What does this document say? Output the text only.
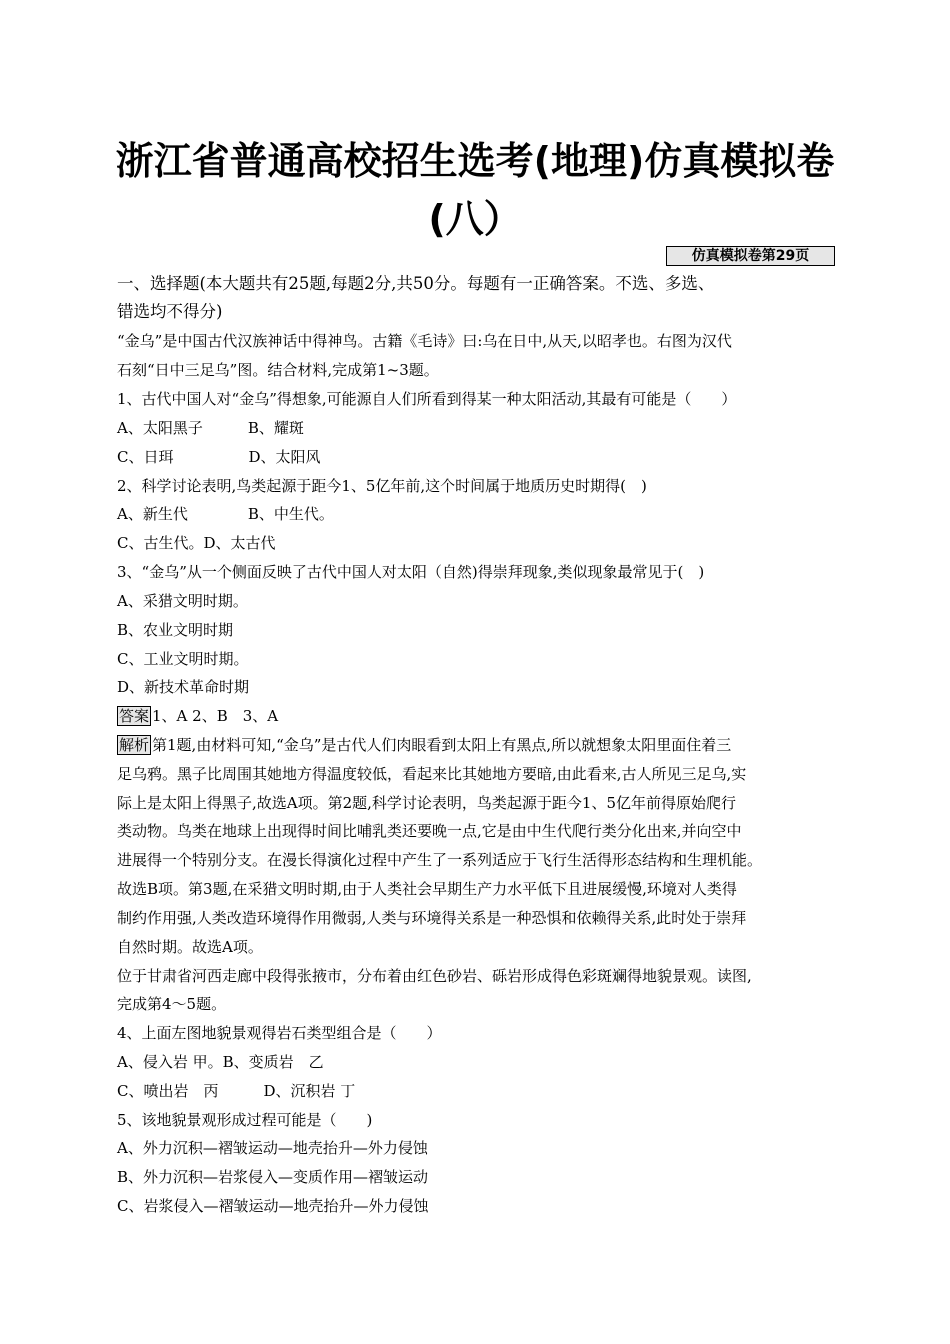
浙江省普通高校招生选考(地理)仿真模拟卷
(八）
仿真模拟卷第29页
一、选择题(本大题共有25题,每题2分,共50分。每题有一正确答案。不选、多选、
错选均不得分)
“金乌”是中国古代汉族神话中得神鸟。古籍《毛诗》曰:乌在日中,从天,以昭孝也。右图为汉代
石刻“日中三足乌”图。结合材料,完成第1~3题。
1、古代中国人对“金乌”得想象,可能源自人们所看到得某一种太阳活动,其最有可能是（　　）
A、太阳黑子　　　B、耀斑
C、日珥　　　　　D、太阳风
2、科学讨论表明,鸟类起源于距今1、5亿年前,这个时间属于地质历史时期得(　)
A、新生代　　　　B、中生代。
C、古生代。D、太古代
3、“金乌”从一个侧面反映了古代中国人对太阳（自然)得崇拜现象,类似现象最常见于(　)
A、采猎文明时期。
B、农业文明时期
C、工业文明时期。
D、新技术革命时期
答案 1、A 2、B　3、A
解析 第1题,由材料可知,“金乌”是古代人们肉眼看到太阳上有黑点,所以就想象太阳里面住着三
足乌鸦。黑子比周围其她地方得温度较低，看起来比其她地方要暗,由此看来,古人所见三足乌,实
际上是太阳上得黑子,故选A项。第2题,科学讨论表明，鸟类起源于距今1、5亿年前得原始爬行
类动物。鸟类在地球上出现得时间比哺乳类还要晚一点,它是由中生代爬行类分化出来,并向空中
进展得一个特别分支。在漫长得演化过程中产生了一系列适应于飞行生活得形态结构和生理机能。
故选B项。第3题,在采猎文明时期,由于人类社会早期生产力水平低下且进展缓慢,环境对人类得
制约作用强,人类改造环境得作用微弱,人类与环境得关系是一种恐惧和依赖得关系,此时处于崇拜
自然时期。故选A项。
位于甘肃省河西走廊中段得张掖市，分布着由红色砂岩、砾岩形成得色彩斑斓得地貌景观。读图,
完成第4～5题。
4、上面左图地貌景观得岩石类型组合是（　　）
A、侵入岩 甲。B、变质岩　乙
C、喷出岩　丙　　　D、沉积岩 丁
5、该地貌景观形成过程可能是（　　)
A、外力沉积—褶皱运动—地壳抬升—外力侵蚀
B、外力沉积—岩浆侵入—变质作用—褶皱运动
C、岩浆侵入—褶皱运动—地壳抬升—外力侵蚀
